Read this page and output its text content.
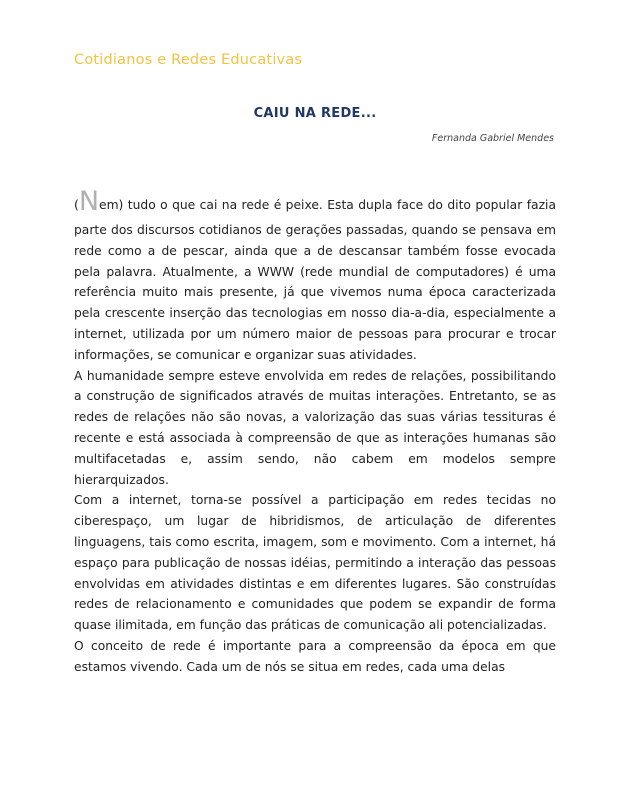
Cotidianos e Redes Educativas
CAIU NA REDE...
Fernanda Gabriel Mendes

(Nem) tudo o que cai na rede é peixe. Esta dupla face do dito popular fazia parte dos discursos cotidianos de gerações passadas, quando se pensava em rede como a de pescar, ainda que a de descansar também fosse evocada pela palavra. Atualmente, a WWW (rede mundial de computadores) é uma referência muito mais presente, já que vivemos numa época caracterizada pela crescente inserção das tecnologias em nosso dia-a-dia, especialmente a internet, utilizada por um número maior de pessoas para procurar e trocar informações, se comunicar e organizar suas atividades.

A humanidade sempre esteve envolvida em redes de relações, possibilitando a construção de significados através de muitas interações. Entretanto, se as redes de relações não são novas, a valorização das suas várias tessituras é recente e está associada à compreensão de que as interações humanas são multifacetadas e, assim sendo, não cabem em modelos sempre hierarquizados.

Com a internet, torna-se possível a participação em redes tecidas no ciberespaço, um lugar de hibridismos, de articulação de diferentes linguagens, tais como escrita, imagem, som e movimento. Com a internet, há espaço para publicação de nossas idéias, permitindo a interação das pessoas envolvidas em atividades distintas e em diferentes lugares. São construídas redes de relacionamento e comunidades que podem se expandir de forma quase ilimitada, em função das práticas de comunicação ali potencializadas.

O conceito de rede é importante para a compreensão da época em que estamos vivendo. Cada um de nós se situa em redes, cada uma delas
